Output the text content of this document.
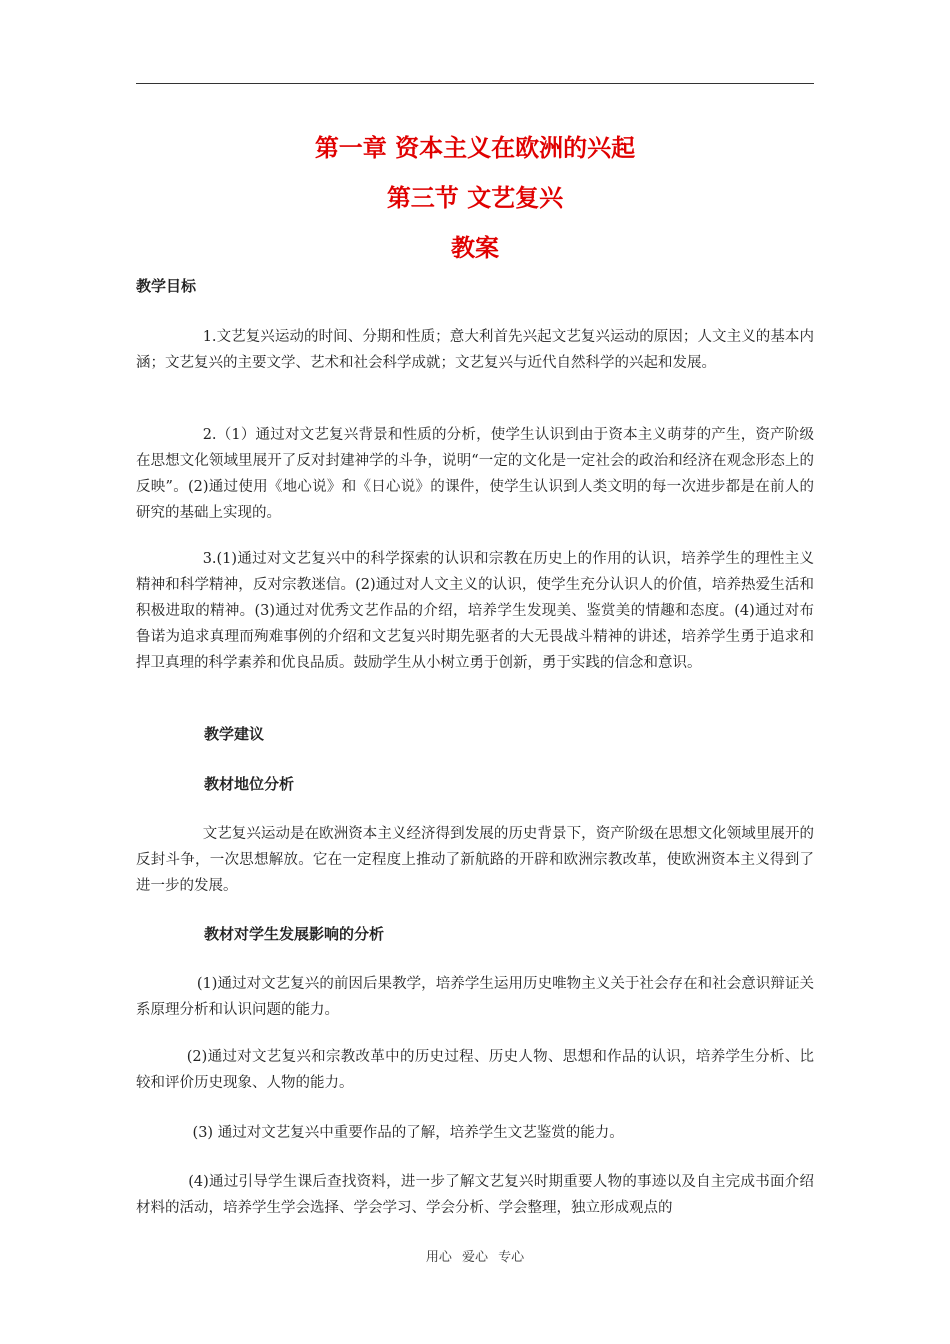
第一章 资本主义在欧洲的兴起
第三节 文艺复兴
教案
教学目标

1.文艺复兴运动的时间、分期和性质；意大利首先兴起文艺复兴运动的原因；人文主义的基本内涵；文艺复兴的主要文学、艺术和社会科学成就；文艺复兴与近代自然科学的兴起和发展。

2.（1）通过对文艺复兴背景和性质的分析，使学生认识到由于资本主义萌芽的产生，资产阶级在思想文化领域里展开了反对封建神学的斗争，说明“一定的文化是一定社会的政治和经济在观念形态上的反映”。(2)通过使用《地心说》和《日心说》的课件，使学生认识到人类文明的每一次进步都是在前人的研究的基础上实现的。

3.(1)通过对文艺复兴中的科学探索的认识和宗教在历史上的作用的认识，培养学生的理性主义精神和科学精神，反对宗教迷信。(2)通过对人文主义的认识，使学生充分认识人的价值，培养热爱生活和积极进取的精神。(3)通过对优秀文艺作品的介绍，培养学生发现美、鉴赏美的情趣和态度。(4)通过对布鲁诺为追求真理而殉难事例的介绍和文艺复兴时期先驱者的大无畏战斗精神的讲述，培养学生勇于追求和捍卫真理的科学素养和优良品质。鼓励学生从小树立勇于创新，勇于实践的信念和意识。

教学建议
教材地位分析

文艺复兴运动是在欧洲资本主义经济得到发展的历史背景下，资产阶级在思想文化领域里展开的反封斗争，一次思想解放。它在一定程度上推动了新航路的开辟和欧洲宗教改革，使欧洲资本主义得到了进一步的发展。

教材对学生发展影响的分析

(1)通过对文艺复兴的前因后果教学，培养学生运用历史唯物主义关于社会存在和社会意识辩证关系原理分析和认识问题的能力。

(2)通过对文艺复兴和宗教改革中的历史过程、历史人物、思想和作品的认识，培养学生分析、比较和评价历史现象、人物的能力。

(3) 通过对文艺复兴中重要作品的了解，培养学生文艺鉴赏的能力。

(4)通过引导学生课后查找资料，进一步了解文艺复兴时期重要人物的事迹以及自主完成书面介绍材料的活动，培养学生学会选择、学会学习、学会分析、学会整理，独立形成观点的

用心 爱心 专心
